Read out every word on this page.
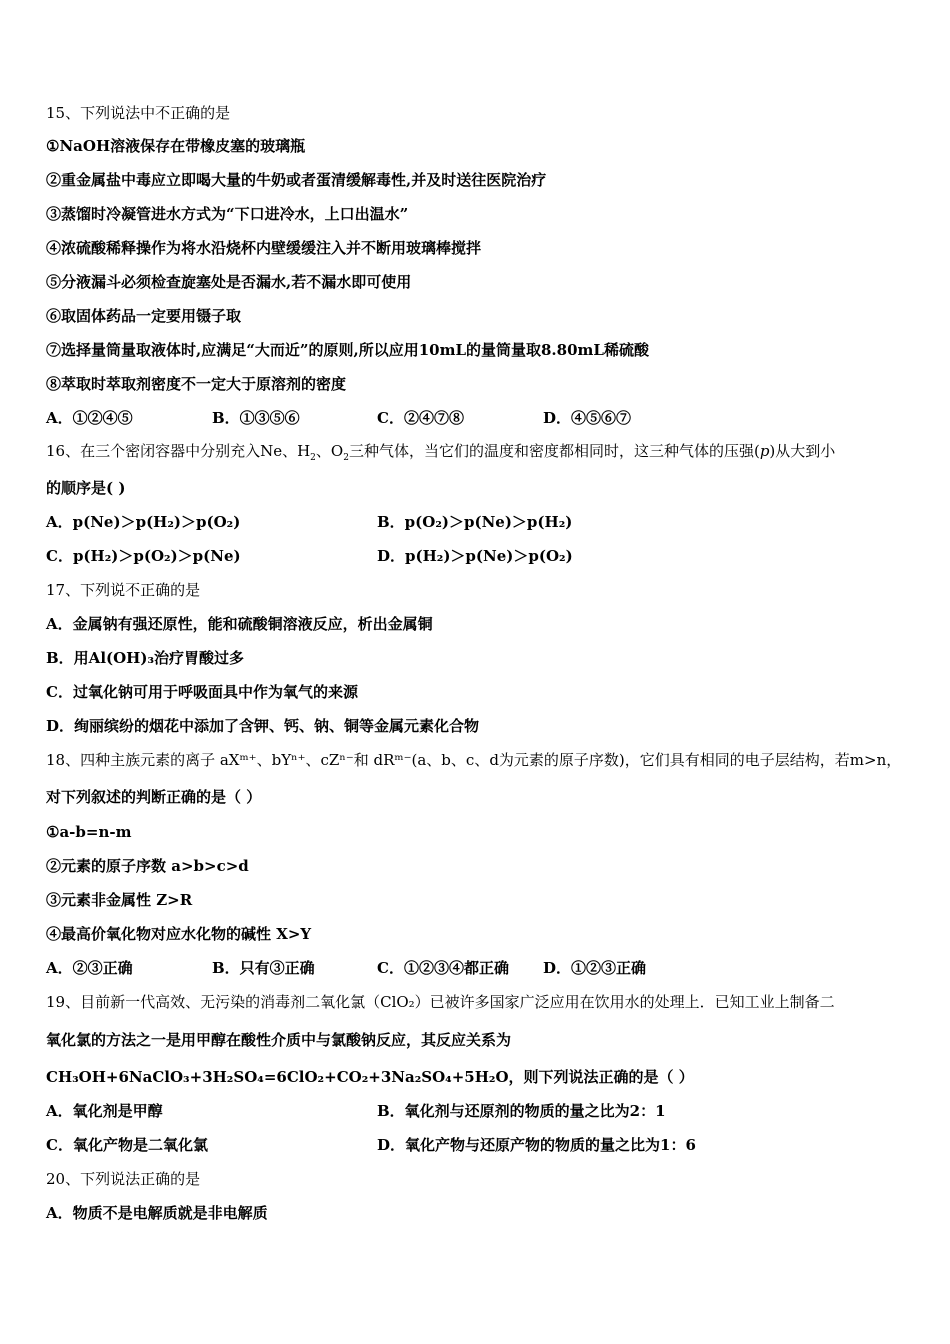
15、下列说法中不正确的是
①NaOH溶液保存在带橡皮塞的玻璃瓶
②重金属盐中毒应立即喝大量的牛奶或者蛋清缓解毒性,并及时送往医院治疗
③蒸馏时冷凝管进水方式为“下口进冷水，上口出温水”
④浓硫酸稀释操作为将水沿烧杯内壁缓缓注入并不断用玻璃棒搅拌
⑤分液漏斗必须检查旋塞处是否漏水,若不漏水即可使用
⑥取固体药品一定要用镊子取
⑦选择量筒量取液体时,应满足“大而近”的原则,所以应用10mL的量筒量取8.80mL稀硫酸
⑧萃取时萃取剂密度不一定大于原溶剂的密度
A．①②④⑤	B．①③⑤⑥	C．②④⑦⑧	D．④⑤⑥⑦
16、在三个密闭容器中分别充入Ne、$H_2$、$O_2$三种气体，当它们的温度和密度都相同时，这三种气体的压强(p)从大到小
的顺序是( )
A．p(Ne)＞p(H₂)＞p(O₂)	B．p(O₂)＞p(Ne)＞p(H₂)
C．p(H₂)＞p(O₂)＞p(Ne)	D．p(H₂)＞p(Ne)＞p(O₂)
17、下列说不正确的是
A．金属钠有强还原性，能和硫酸铜溶液反应，析出金属铜
B．用Al(OH)₃治疗胃酸过多
C．过氧化钠可用于呼吸面具中作为氧气的来源
D．绚丽缤纷的烟花中添加了含钾、钙、钠、铜等金属元素化合物
18、四种主族元素的离子 aXᵐ⁺、bYⁿ⁺、cZⁿ⁻和 dRᵐ⁻(a、b、c、d为元素的原子序数)，它们具有相同的电子层结构，若m>n，
对下列叙述的判断正确的是（ ）
①a-b=n-m
②元素的原子序数 a>b>c>d
③元素非金属性 Z>R
④最高价氧化物对应水化物的碱性 X>Y
A．②③正确	B．只有③正确	C．①②③④都正确 D．①②③正确
19、目前新一代高效、无污染的消毒剂二氧化氯（ClO₂）已被许多国家广泛应用在饮用水的处理上．已知工业上制备二
氧化氯的方法之一是用甲醇在酸性介质中与氯酸钠反应，其反应关系为
CH₃OH+6NaClO₃+3H₂SO₄=6ClO₂+CO₂+3Na₂SO₄+5H₂O，则下列说法正确的是（ ）
A．氧化剂是甲醇	B．氧化剂与还原剂的物质的量之比为2：1
C．氧化产物是二氧化氯	D．氧化产物与还原产物的物质的量之比为1：6
20、下列说法正确的是
A．物质不是电解质就是非电解质
